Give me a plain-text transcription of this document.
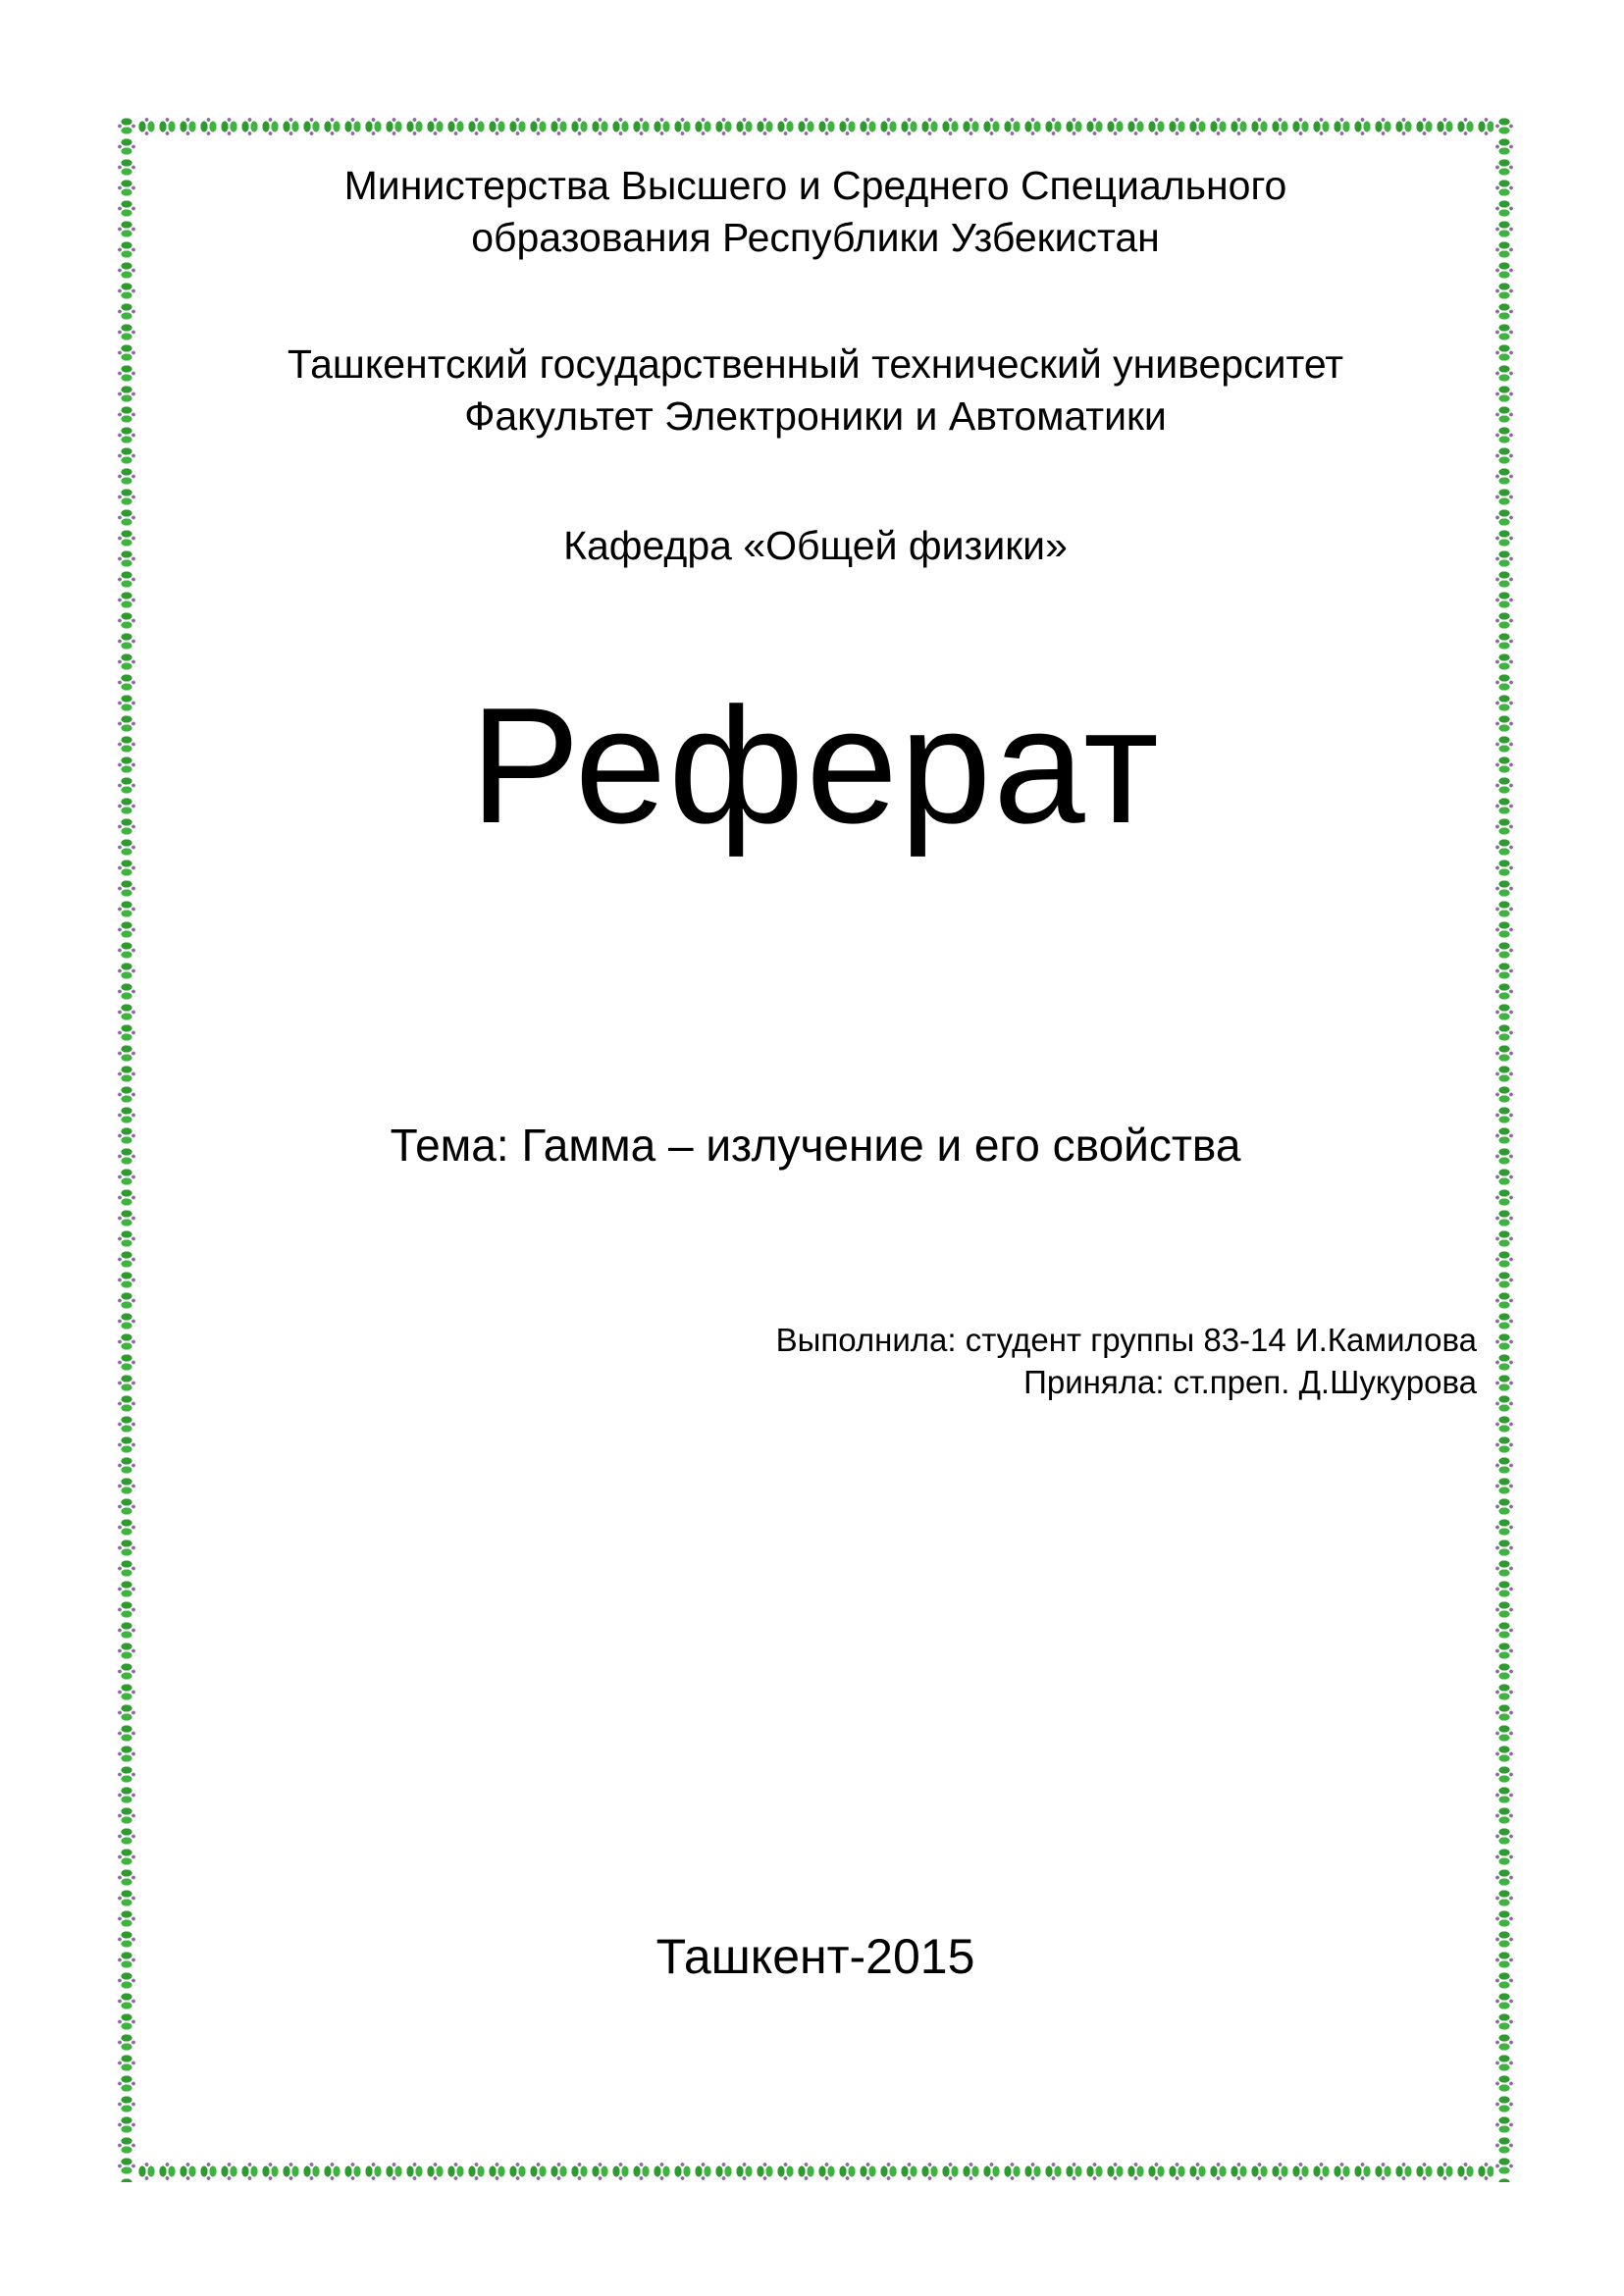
Министерства Высшего и Среднего Специального
образования Республики Узбекистан
Ташкентский государственный технический университет
Факультет Электроники и Автоматики
Кафедра «Общей физики»
Реферат
Тема: Гамма – излучение и его свойства
Выполнила: студент группы 83-14 И.Камилова
Приняла: ст.преп. Д.Шукурова
Ташкент-2015
